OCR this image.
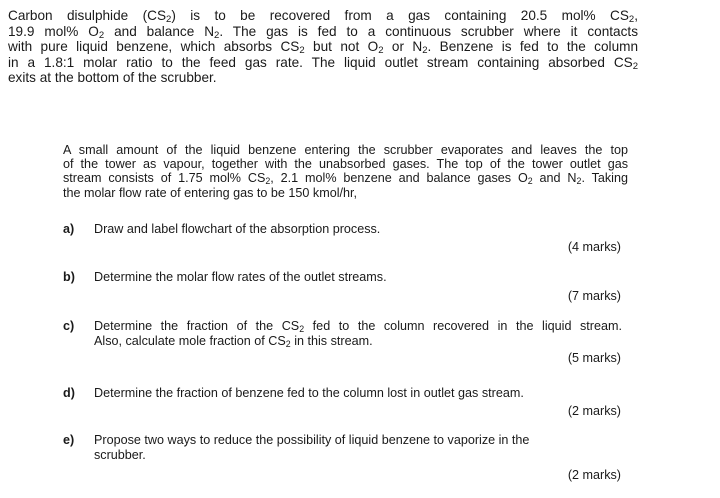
Carbon disulphide $(CS_2)$ is to be recovered from a gas containing 20.5 mol% $CS_2$,
19.9 mol% $O_2$ and balance $N_2$. The gas is fed to a continuous scrubber where it contacts
with pure liquid benzene, which absorbs $CS_2$ but not $O_2$ or $N_2$. Benzene is fed to the column
in a 1.8:1 molar ratio to the feed gas rate. The liquid outlet stream containing absorbed $CS_2$
exits at the bottom of the scrubber.
A small amount of the liquid benzene entering the scrubber evaporates and leaves the top
of the tower as vapour, together with the unabsorbed gases. The top of the tower outlet gas
stream consists of 1.75 mol% $CS_2$, 2.1 mol% benzene and balance gases $O_2$ and $N_2$. Taking
the molar flow rate of entering gas to be 150 kmol/hr,
a) Draw and label flowchart of the absorption process.
(4 marks)
b) Determine the molar flow rates of the outlet streams.
(7 marks)
c) Determine the fraction of the $CS_2$ fed to the column recovered in the liquid stream.
Also, calculate mole fraction of $CS_2$ in this stream.
(5 marks)
d) Determine the fraction of benzene fed to the column lost in outlet gas stream.
(2 marks)
e) Propose two ways to reduce the possibility of liquid benzene to vaporize in the
scrubber.
(2 marks)
